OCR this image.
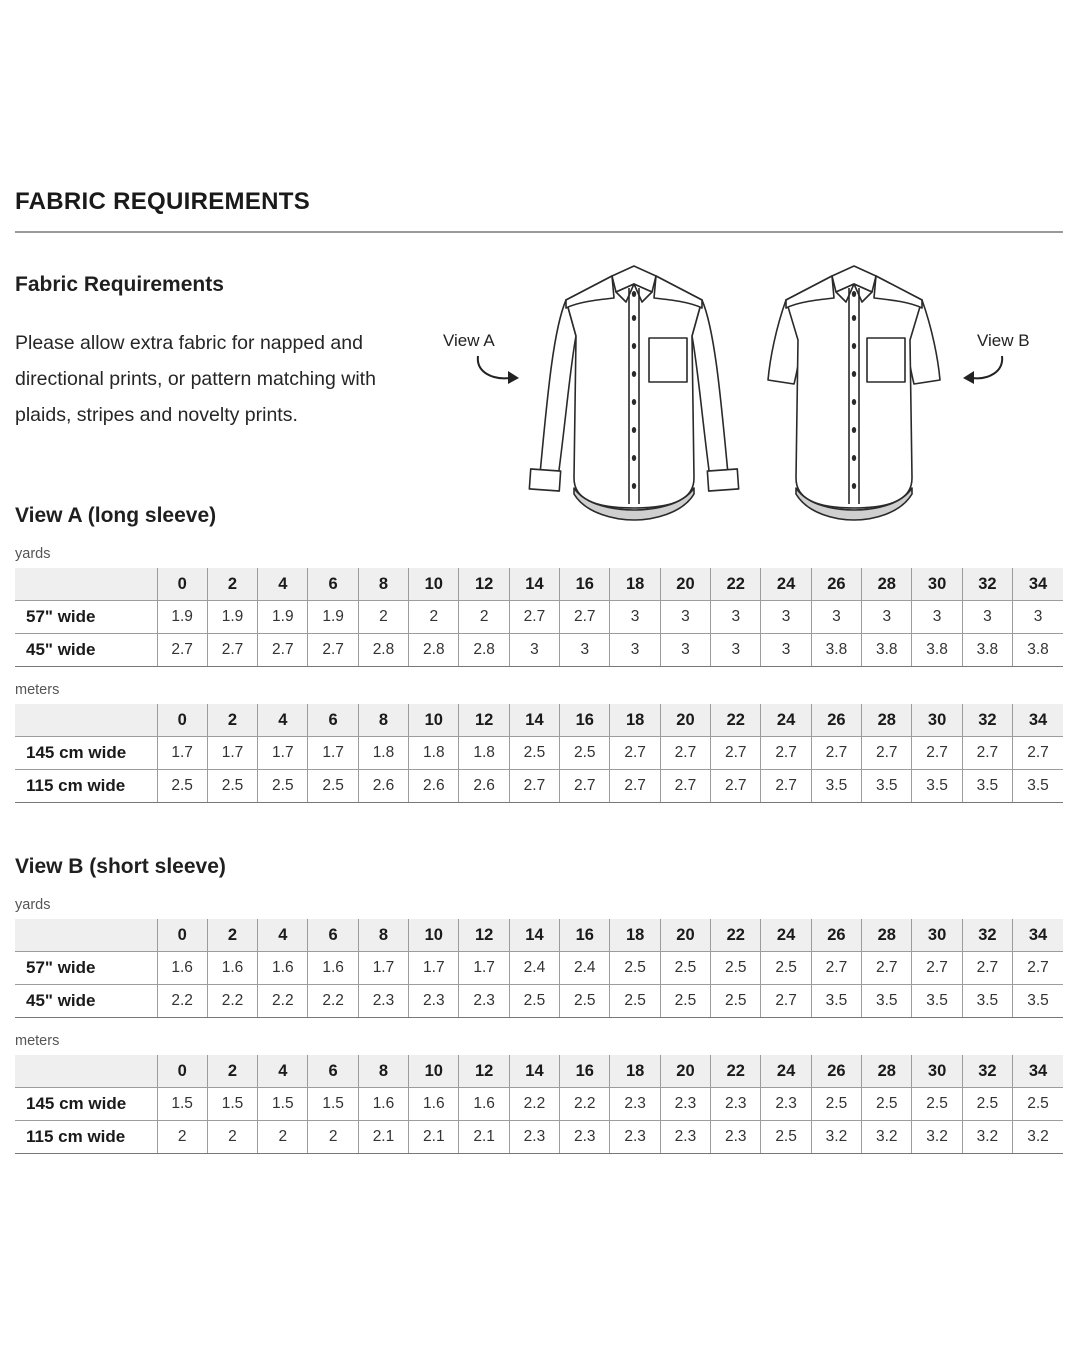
FABRIC REQUIREMENTS
Fabric Requirements

Please allow extra fabric for napped and directional prints, or pattern matching with plaids, stripes and novelty prints.

View A	View B
View A (long sleeve)
yards
	0	2	4	6	8	10	12	14	16	18	20	22	24	26	28	30	32	34
57" wide	1.9	1.9	1.9	1.9	2	2	2	2.7	2.7	3	3	3	3	3	3	3	3	3
45" wide	2.7	2.7	2.7	2.7	2.8	2.8	2.8	3	3	3	3	3	3	3.8	3.8	3.8	3.8	3.8
meters
	0	2	4	6	8	10	12	14	16	18	20	22	24	26	28	30	32	34
145 cm wide	1.7	1.7	1.7	1.7	1.8	1.8	1.8	2.5	2.5	2.7	2.7	2.7	2.7	2.7	2.7	2.7	2.7	2.7
115 cm wide	2.5	2.5	2.5	2.5	2.6	2.6	2.6	2.7	2.7	2.7	2.7	2.7	2.7	3.5	3.5	3.5	3.5	3.5
View B (short sleeve)
yards
	0	2	4	6	8	10	12	14	16	18	20	22	24	26	28	30	32	34
57" wide	1.6	1.6	1.6	1.6	1.7	1.7	1.7	2.4	2.4	2.5	2.5	2.5	2.5	2.7	2.7	2.7	2.7	2.7
45" wide	2.2	2.2	2.2	2.2	2.3	2.3	2.3	2.5	2.5	2.5	2.5	2.5	2.7	3.5	3.5	3.5	3.5	3.5
meters
	0	2	4	6	8	10	12	14	16	18	20	22	24	26	28	30	32	34
145 cm wide	1.5	1.5	1.5	1.5	1.6	1.6	1.6	2.2	2.2	2.3	2.3	2.3	2.3	2.5	2.5	2.5	2.5	2.5
115 cm wide	2	2	2	2	2.1	2.1	2.1	2.3	2.3	2.3	2.3	2.3	2.5	3.2	3.2	3.2	3.2	3.2
